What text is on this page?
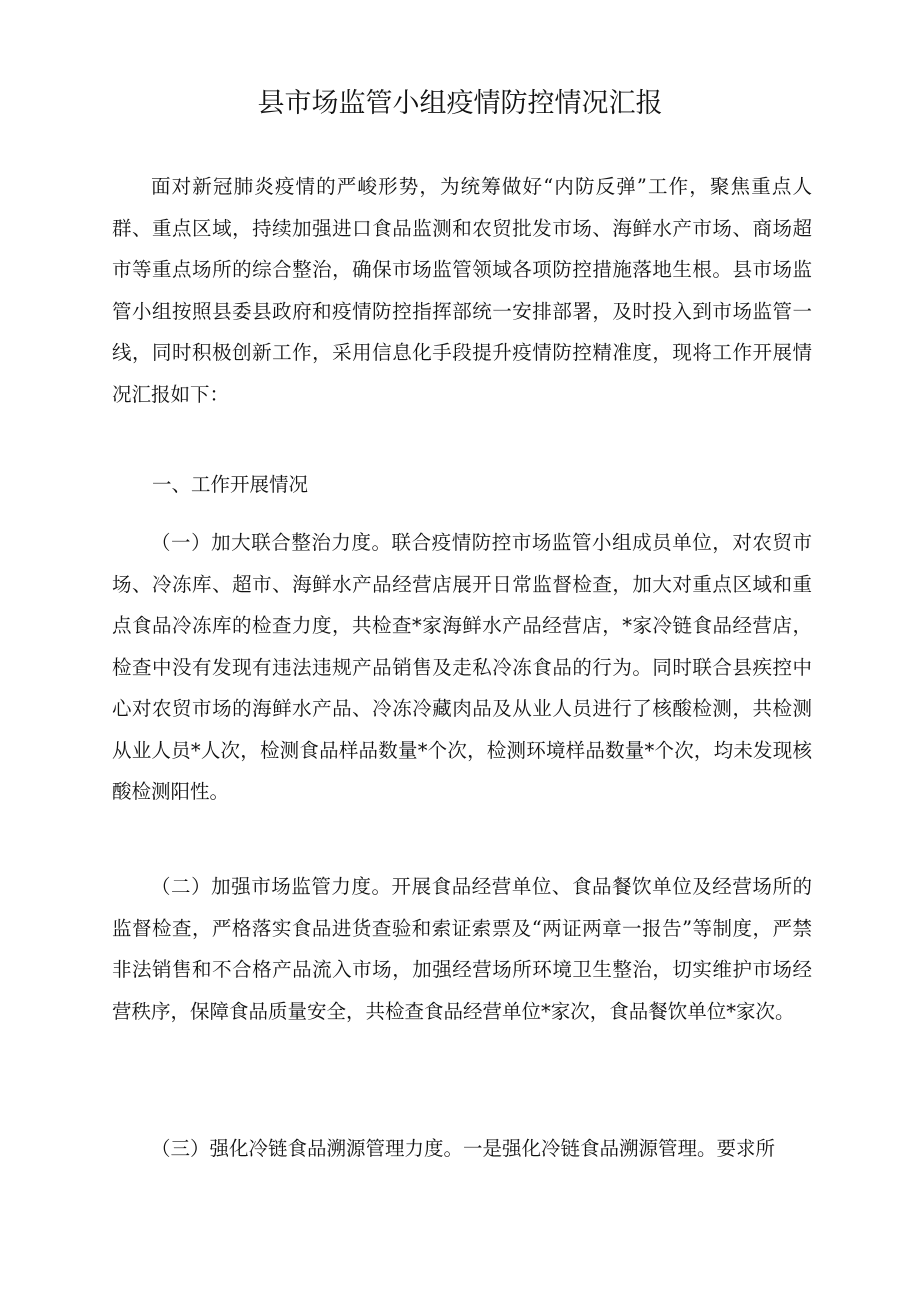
县市场监管小组疫情防控情况汇报

面对新冠肺炎疫情的严峻形势，为统筹做好“内防反弹”工作，聚焦重点人群、重点区域，持续加强进口食品监测和农贸批发市场、海鲜水产市场、商场超市等重点场所的综合整治，确保市场监管领域各项防控措施落地生根。县市场监管小组按照县委县政府和疫情防控指挥部统一安排部署，及时投入到市场监管一线，同时积极创新工作，采用信息化手段提升疫情防控精准度，现将工作开展情况汇报如下：

一、工作开展情况

（一）加大联合整治力度。联合疫情防控市场监管小组成员单位，对农贸市场、冷冻库、超市、海鲜水产品经营店展开日常监督检查，加大对重点区域和重点食品冷冻库的检查力度，共检查*家海鲜水产品经营店，*家冷链食品经营店，检查中没有发现有违法违规产品销售及走私冷冻食品的行为。同时联合县疾控中心对农贸市场的海鲜水产品、冷冻冷藏肉品及从业人员进行了核酸检测，共检测从业人员*人次，检测食品样品数量*个次，检测环境样品数量*个次，均未发现核酸检测阳性。

（二）加强市场监管力度。开展食品经营单位、食品餐饮单位及经营场所的监督检查，严格落实食品进货查验和索证索票及“两证两章一报告”等制度，严禁非法销售和不合格产品流入市场，加强经营场所环境卫生整治，切实维护市场经营秩序，保障食品质量安全，共检查食品经营单位*家次，食品餐饮单位*家次。

（三）强化冷链食品溯源管理力度。一是强化冷链食品溯源管理。要求所
